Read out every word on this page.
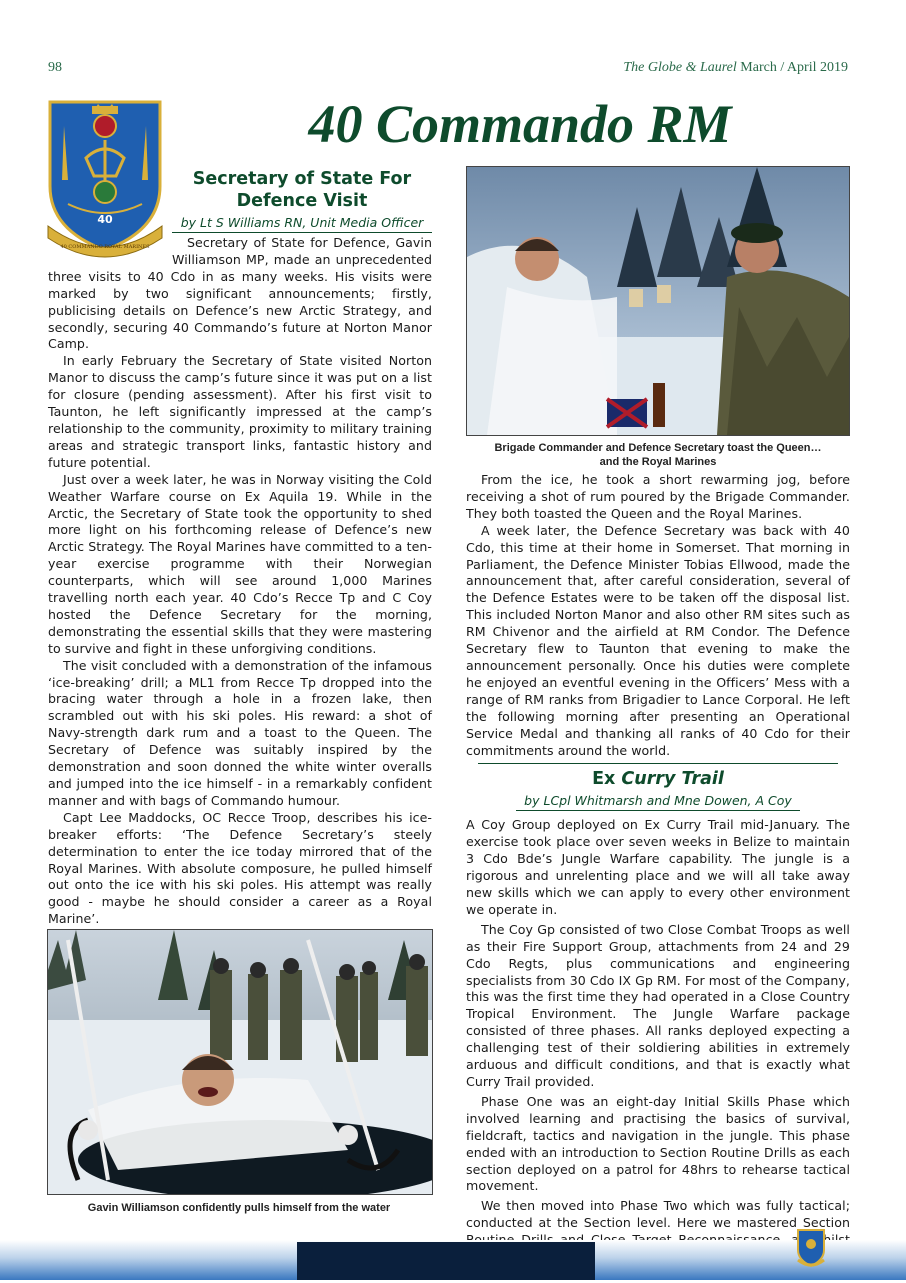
98	The Globe & Laurel March / April 2019
40
40 COMMANDO ROYAL MARINES
40 Commando RM
Secretary of State For Defence Visit
by Lt S Williams RN, Unit Media Officer

Secretary of State for Defence, Gavin Williamson MP, made an unprecedented three visits to 40 Cdo in as many weeks. His visits were marked by two significant announcements; firstly, publicising details on Defence’s new Arctic Strategy, and secondly, securing 40 Commando’s future at Norton Manor Camp.

In early February the Secretary of State visited Norton Manor to discuss the camp’s future since it was put on a list for closure (pending assessment). After his first visit to Taunton, he left significantly impressed at the camp’s relationship to the community, proximity to military training areas and strategic transport links, fantastic history and future potential.

Just over a week later, he was in Norway visiting the Cold Weather Warfare course on Ex Aquila 19. While in the Arctic, the Secretary of State took the opportunity to shed more light on his forthcoming release of Defence’s new Arctic Strategy. The Royal Marines have committed to a ten-year exercise programme with their Norwegian counterparts, which will see around 1,000 Marines travelling north each year. 40 Cdo’s Recce Tp and C Coy hosted the Defence Secretary for the morning, demonstrating the essential skills that they were mastering to survive and fight in these unforgiving conditions.

The visit concluded with a demonstration of the infamous ‘ice-breaking’ drill; a ML1 from Recce Tp dropped into the bracing water through a hole in a frozen lake, then scrambled out with his ski poles. His reward: a shot of Navy-strength dark rum and a toast to the Queen. The Secretary of Defence was suitably inspired by the demonstration and soon donned the white winter overalls and jumped into the ice himself - in a remarkably confident manner and with bags of Commando humour.

Capt Lee Maddocks, OC Recce Troop, describes his ice-breaker efforts: ‘The Defence Secretary’s steely determination to enter the ice today mirrored that of the Royal Marines. With absolute composure, he pulled himself out onto the ice with his ski poles. His attempt was really good - maybe he should consider a career as a Royal Marine’.

Gavin Williamson confidently pulls himself from the water
Brigade Commander and Defence Secretary toast the Queen…
and the Royal Marines

From the ice, he took a short rewarming jog, before receiving a shot of rum poured by the Brigade Commander. They both toasted the Queen and the Royal Marines.

A week later, the Defence Secretary was back with 40 Cdo, this time at their home in Somerset. That morning in Parliament, the Defence Minister Tobias Ellwood, made the announcement that, after careful consideration, several of the Defence Estates were to be taken off the disposal list. This included Norton Manor and also other RM sites such as RM Chivenor and the airfield at RM Condor. The Defence Secretary flew to Taunton that evening to make the announcement personally. Once his duties were complete he enjoyed an eventful evening in the Officers’ Mess with a range of RM ranks from Brigadier to Lance Corporal. He left the following morning after presenting an Operational Service Medal and thanking all ranks of 40 Cdo for their commitments around the world.

Ex Curry Trail
by LCpl Whitmarsh and Mne Dowen, A Coy

A Coy Group deployed on Ex Curry Trail mid-January. The exercise took place over seven weeks in Belize to maintain 3 Cdo Bde’s Jungle Warfare capability. The jungle is a rigorous and unrelenting place and we will all take away new skills which we can apply to every other environment we operate in.

The Coy Gp consisted of two Close Combat Troops as well as their Fire Support Group, attachments from 24 and 29 Cdo Regts, plus communications and engineering specialists from 30 Cdo IX Gp RM. For most of the Company, this was the first time they had operated in a Close Country Tropical Environment. The Jungle Warfare package consisted of three phases. All ranks deployed expecting a challenging test of their soldiering abilities in extremely arduous and difficult conditions, and that is exactly what Curry Trail provided.

Phase One was an eight-day Initial Skills Phase which involved learning and practising the basics of survival, fieldcraft, tactics and navigation in the jungle. This phase ended with an introduction to Section Routine Drills as each section deployed on a patrol for 48hrs to rehearse tactical movement.

We then moved into Phase Two which was fully tactical; conducted at the Section level. Here we mastered Section
